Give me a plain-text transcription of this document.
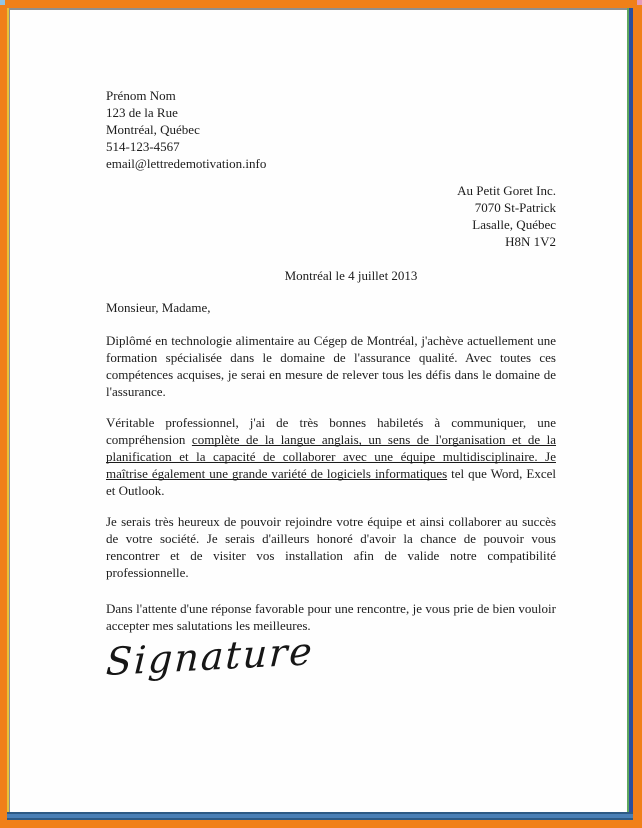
Prénom Nom
123 de la Rue
Montréal, Québec
514-123-4567
email@lettredemotivation.info
Au Petit Goret Inc.
7070 St-Patrick
Lasalle, Québec
H8N 1V2
Montréal le 4 juillet 2013
Monsieur, Madame,

Diplômé en technologie alimentaire au Cégep de Montréal, j'achève actuellement une formation spécialisée dans le domaine de l'assurance qualité. Avec toutes ces compétences acquises, je serai en mesure de relever tous les défis dans le domaine de l'assurance.

Véritable professionnel, j'ai de très bonnes habiletés à communiquer, une compréhension complète de la langue anglais, un sens de l'organisation et de la planification et la capacité de collaborer avec une équipe multidisciplinaire. Je maîtrise également une grande variété de logiciels informatiques tel que Word, Excel et Outlook.

Je serais très heureux de pouvoir rejoindre votre équipe et ainsi collaborer au succès de votre société. Je serais d'ailleurs honoré d'avoir la chance de pouvoir vous rencontrer et de visiter vos installation afin de valide notre compatibilité professionnelle.

Dans l'attente d'une réponse favorable pour une rencontre, je vous prie de bien vouloir accepter mes salutations les meilleures.

Signature
